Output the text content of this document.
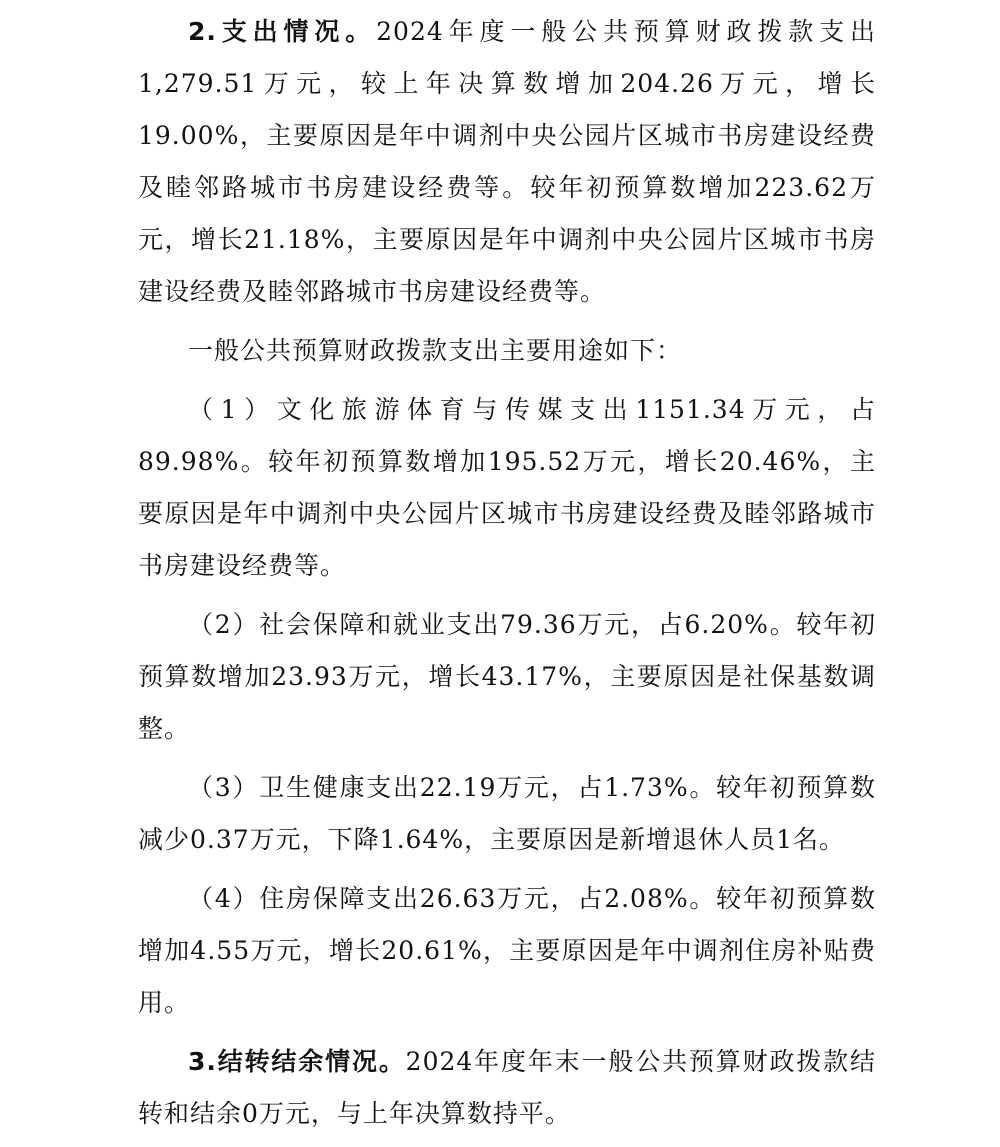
2.支出情况。2024年度一般公共预算财政拨款支出1,279.51万元，较上年决算数增加204.26万元，增长19.00%，主要原因是年中调剂中央公园片区城市书房建设经费及睦邻路城市书房建设经费等。较年初预算数增加223.62万元，增长21.18%，主要原因是年中调剂中央公园片区城市书房建设经费及睦邻路城市书房建设经费等。

一般公共预算财政拨款支出主要用途如下：

（1）文化旅游体育与传媒支出1151.34万元，占89.98%。较年初预算数增加195.52万元，增长20.46%，主要原因是年中调剂中央公园片区城市书房建设经费及睦邻路城市书房建设经费等。

（2）社会保障和就业支出79.36万元，占6.20%。较年初预算数增加23.93万元，增长43.17%，主要原因是社保基数调整。

（3）卫生健康支出22.19万元，占1.73%。较年初预算数减少0.37万元，下降1.64%，主要原因是新增退休人员1名。

（4）住房保障支出26.63万元，占2.08%。较年初预算数增加4.55万元，增长20.61%，主要原因是年中调剂住房补贴费用。

3.结转结余情况。2024年度年末一般公共预算财政拨款结转和结余0万元，与上年决算数持平。
